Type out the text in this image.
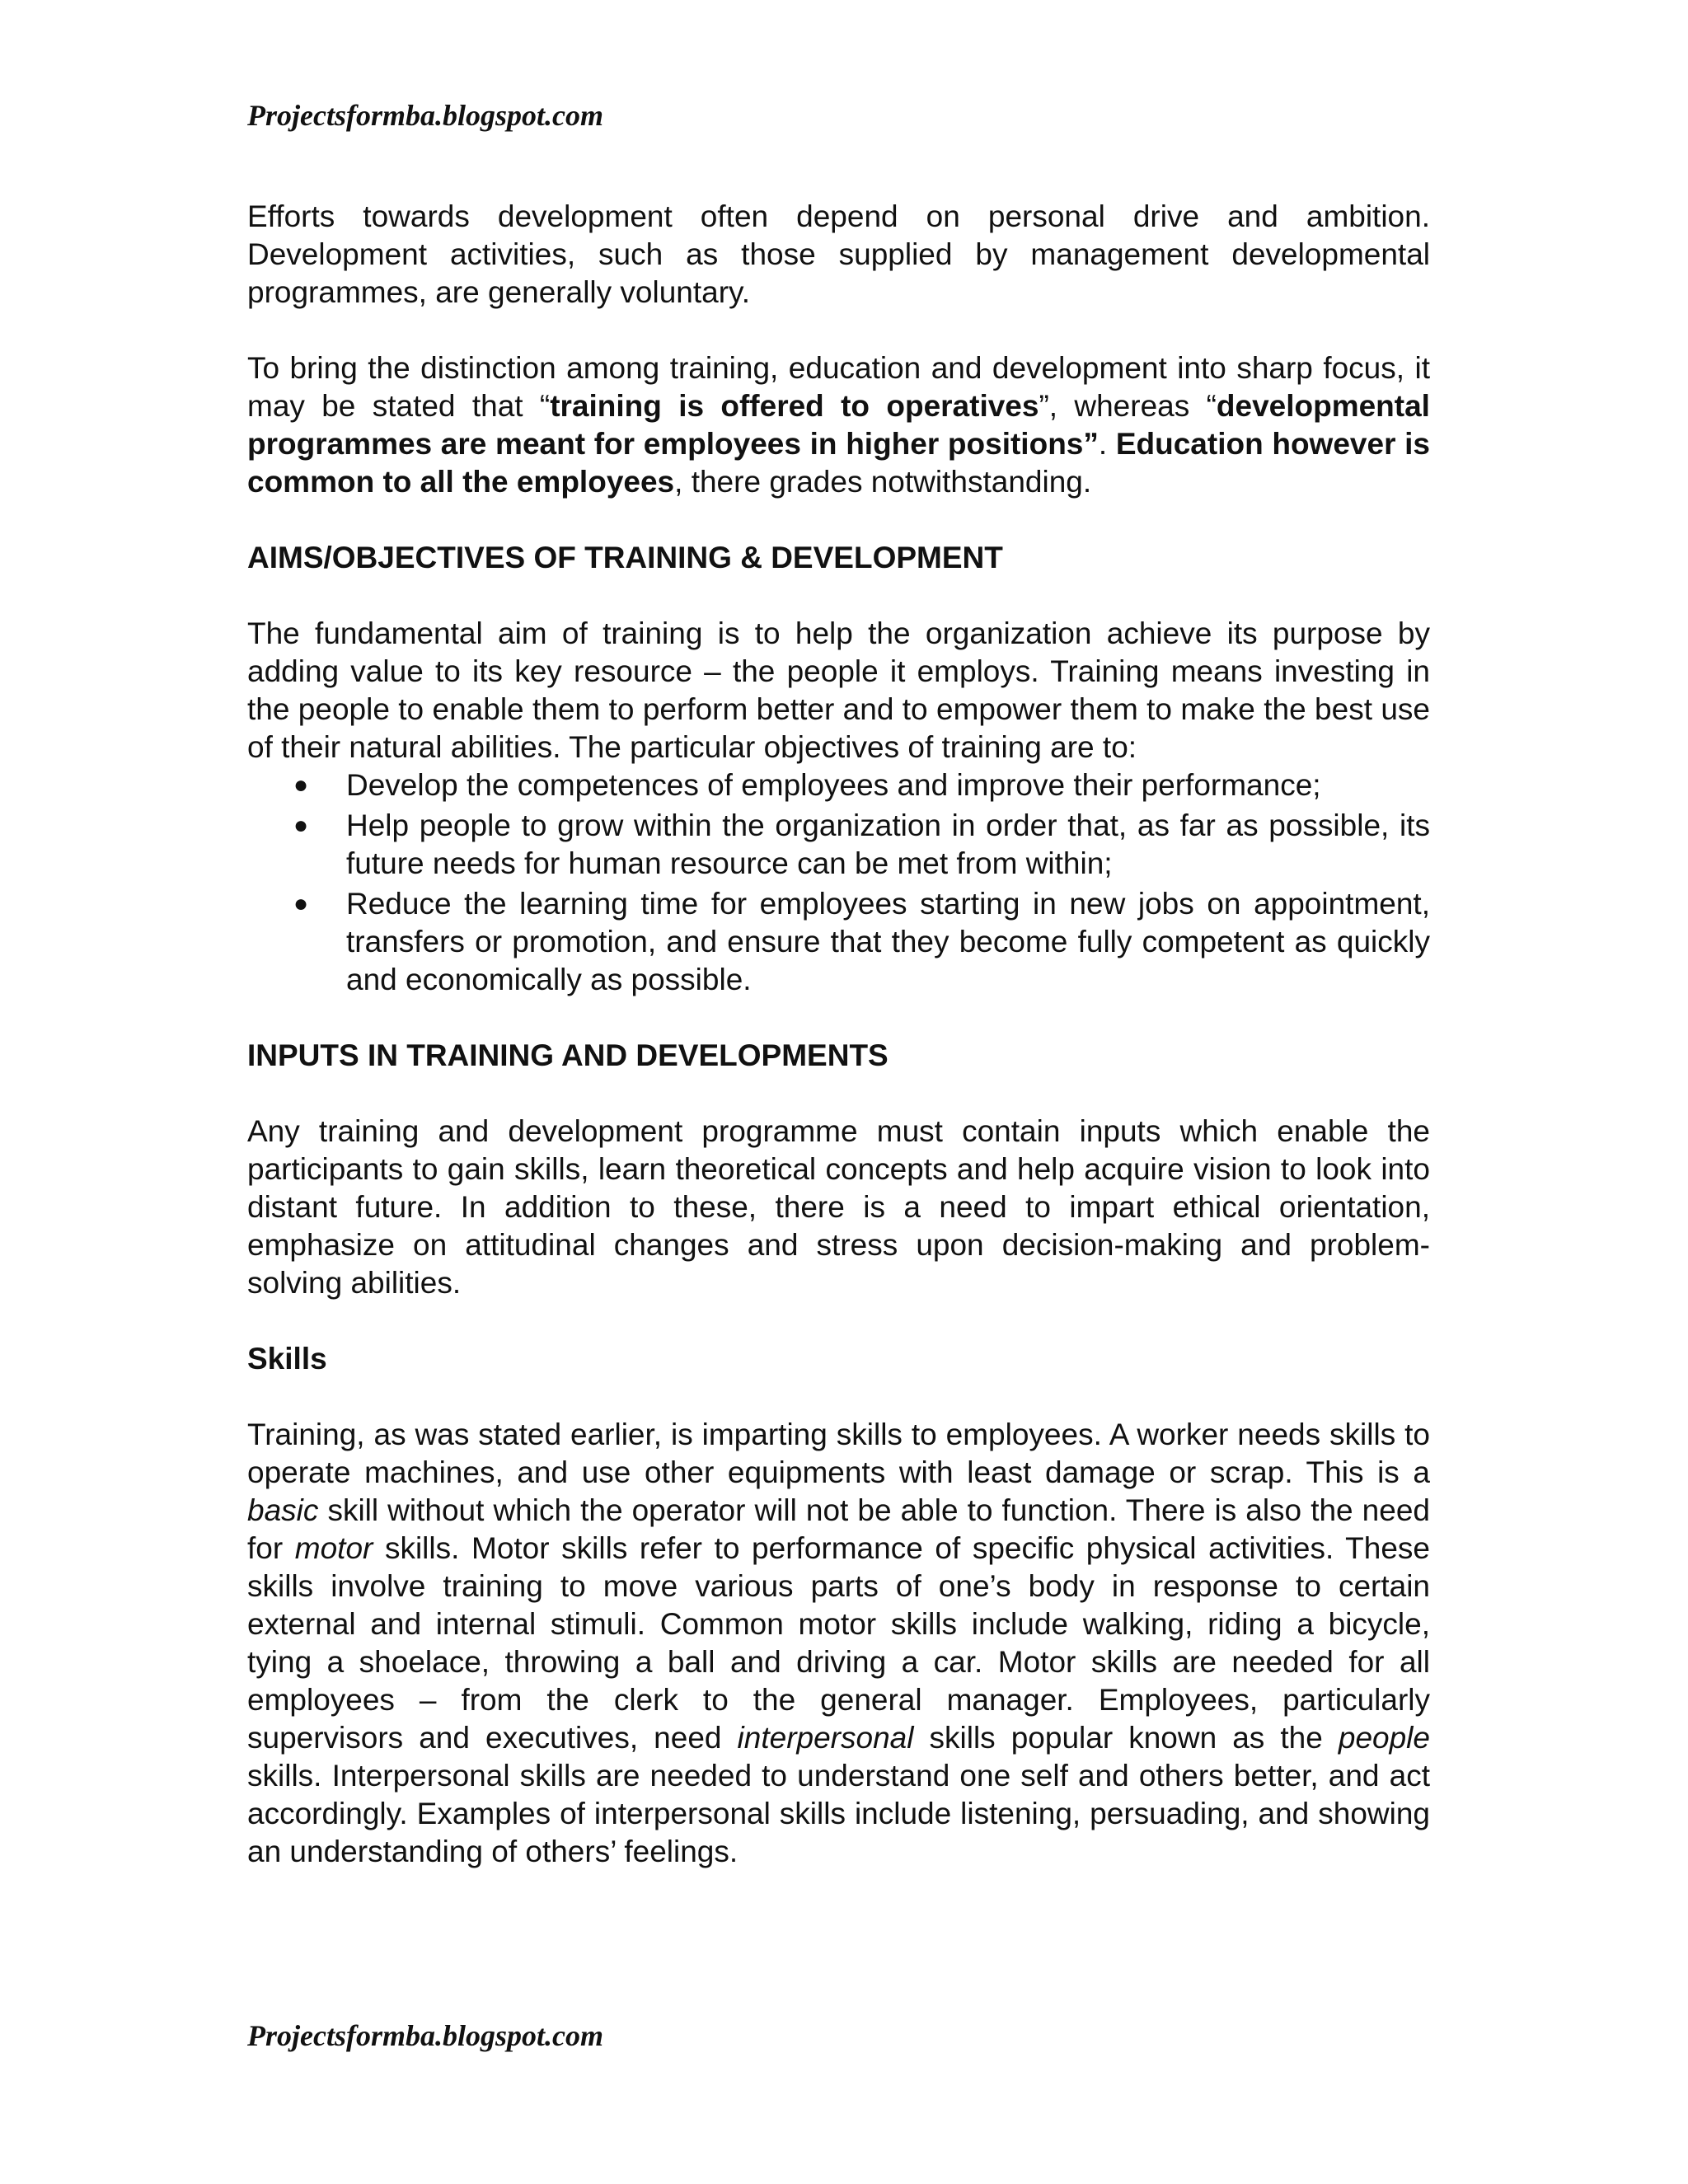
Projectsformba.blogspot.com

Efforts towards development often depend on personal drive and ambition. Development activities, such as those supplied by management developmental programmes, are generally voluntary.

To bring the distinction among training, education and development into sharp focus, it may be stated that “training is offered to operatives”, whereas “developmental programmes are meant for employees in higher positions”. Education however is common to all the employees, there grades notwithstanding.

AIMS/OBJECTIVES OF TRAINING & DEVELOPMENT

The fundamental aim of training is to help the organization achieve its purpose by adding value to its key resource – the people it employs. Training means investing in the people to enable them to perform better and to empower them to make the best use of their natural abilities. The particular objectives of training are to:

● Develop the competences of employees and improve their performance;
● Help people to grow within the organization in order that, as far as possible, its future needs for human resource can be met from within;
● Reduce the learning time for employees starting in new jobs on appointment, transfers or promotion, and ensure that they become fully competent as quickly and economically as possible.
INPUTS IN TRAINING AND DEVELOPMENTS

Any training and development programme must contain inputs which enable the participants to gain skills, learn theoretical concepts and help acquire vision to look into distant future. In addition to these, there is a need to impart ethical orientation, emphasize on attitudinal changes and stress upon decision-making and problem-solving abilities.

Skills

Training, as was stated earlier, is imparting skills to employees. A worker needs skills to operate machines, and use other equipments with least damage or scrap. This is a basic skill without which the operator will not be able to function. There is also the need for motor skills. Motor skills refer to performance of specific physical activities. These skills involve training to move various parts of one’s body in response to certain external and internal stimuli. Common motor skills include walking, riding a bicycle, tying a shoelace, throwing a ball and driving a car. Motor skills are needed for all employees – from the clerk to the general manager. Employees, particularly supervisors and executives, need interpersonal skills popular known as the people skills. Interpersonal skills are needed to understand one self and others better, and act accordingly. Examples of interpersonal skills include listening, persuading, and showing an understanding of others’ feelings.

Projectsformba.blogspot.com
